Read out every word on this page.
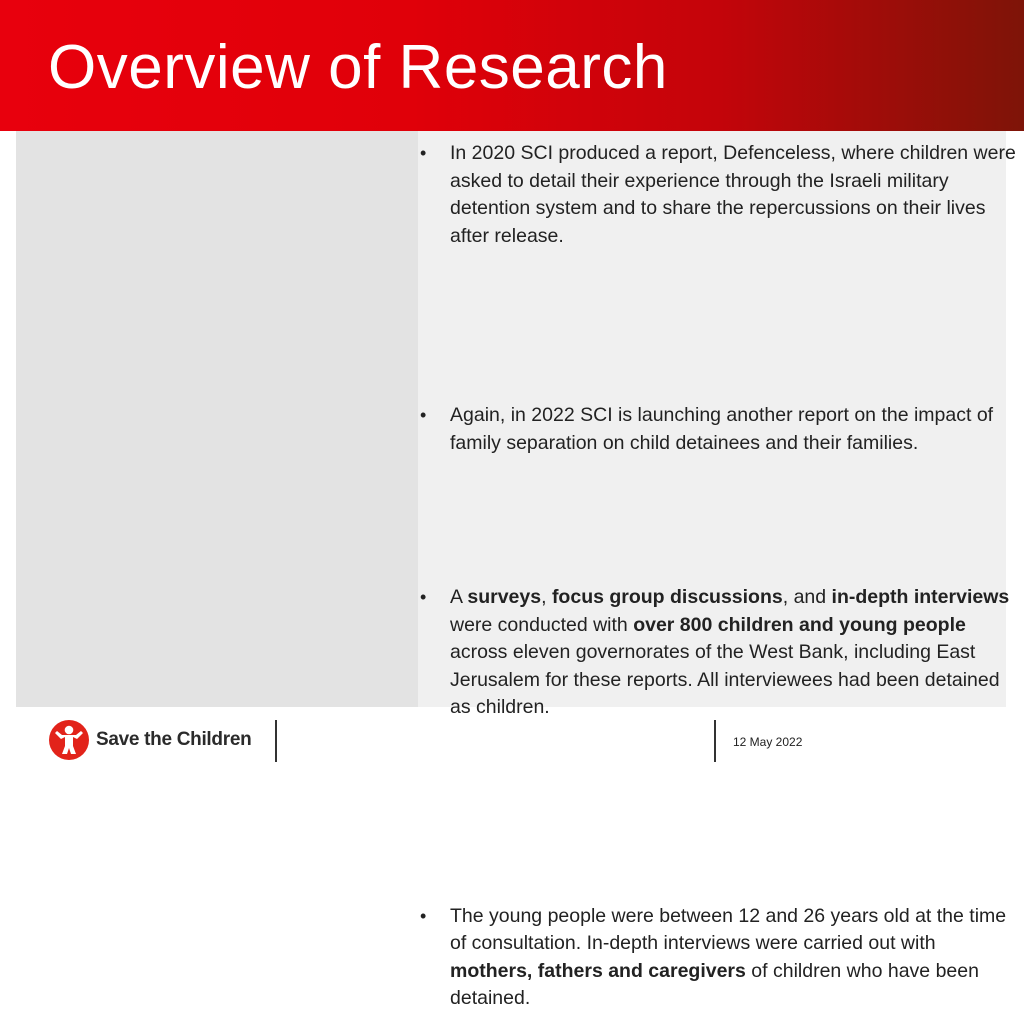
Overview of Research
• In 2020 SCI produced a report, Defenceless, where children were asked to detail their experience through the Israeli military detention system and to share the repercussions on their lives after release.
• Again, in 2022 SCI is launching another report on the impact of family separation on child detainees and their families.
• A surveys, focus group discussions, and in-depth interviews were conducted with over 800 children and young people across eleven governorates of the West Bank, including East Jerusalem for these reports. All interviewees had been detained as children.
• The young people were between 12 and 26 years old at the time of consultation. In-depth interviews were carried out with mothers, fathers and caregivers of children who have been detained.
Save the Children	12 May 2022
